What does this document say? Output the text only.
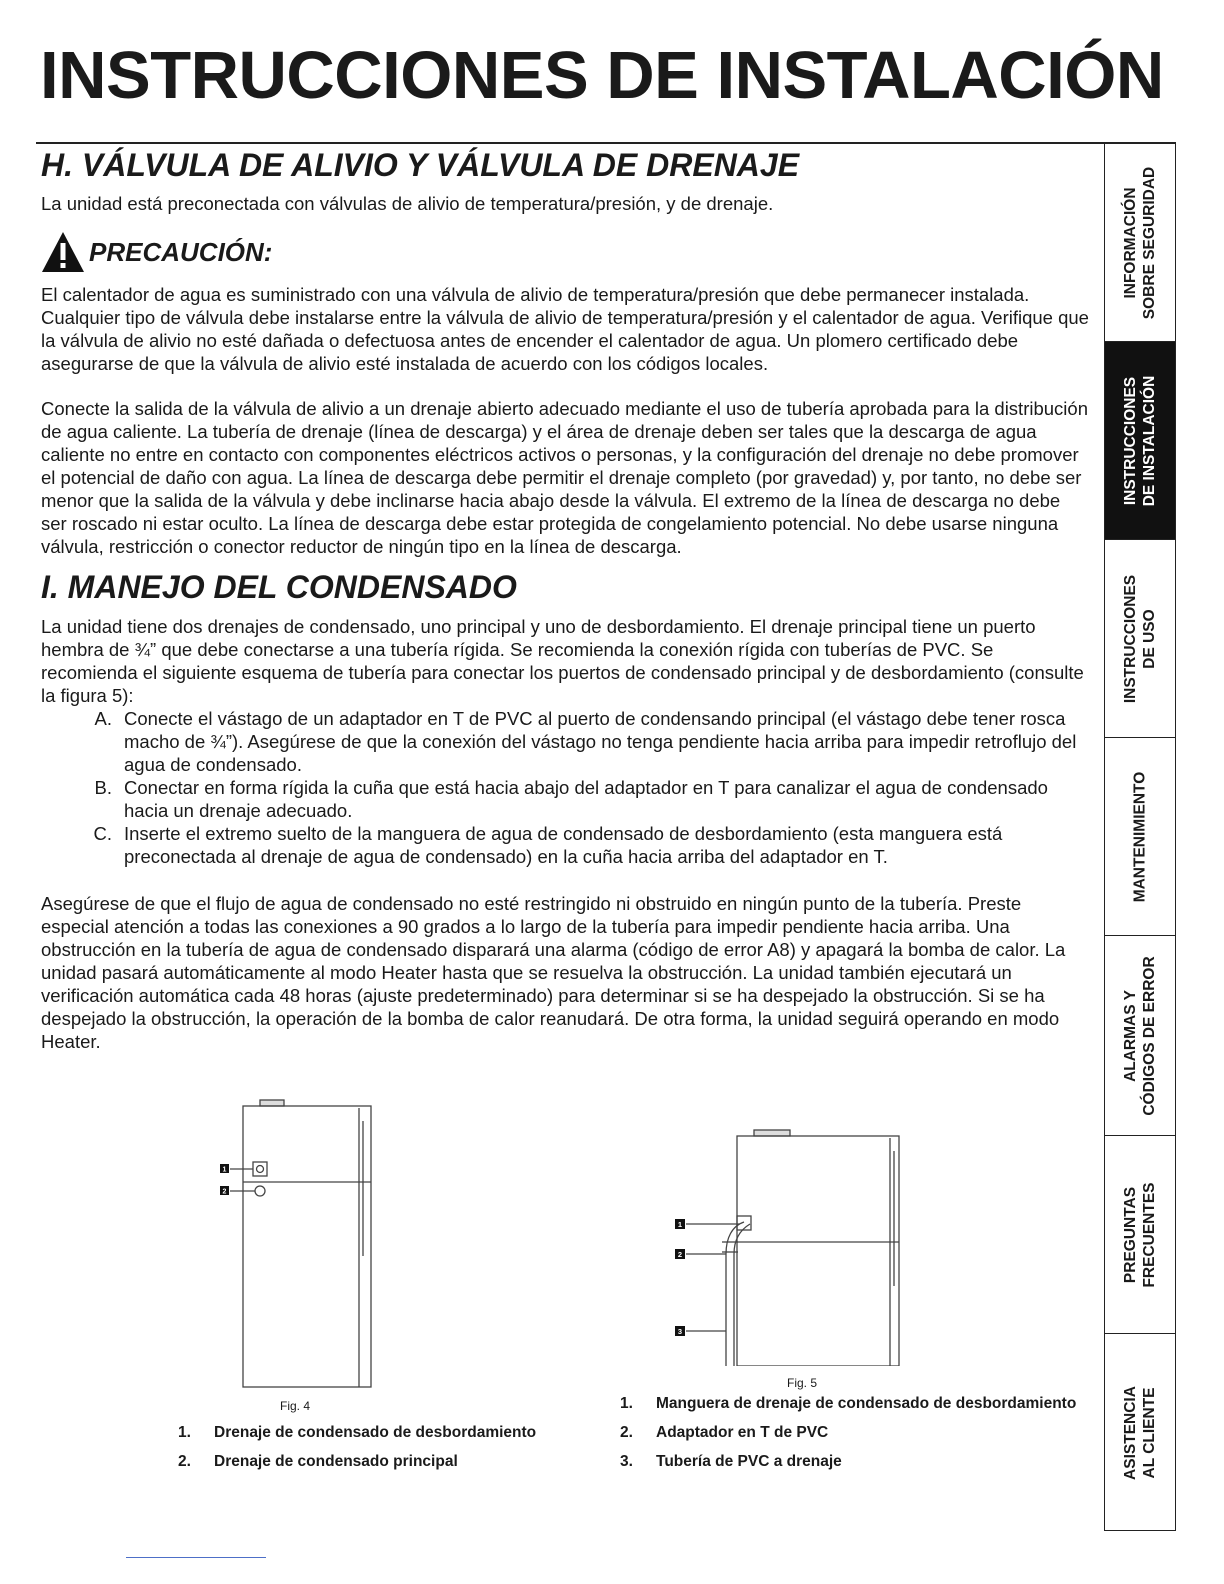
INSTRUCCIONES DE INSTALACIÓN
H. VÁLVULA DE ALIVIO Y VÁLVULA DE DRENAJE

La unidad está preconectada con válvulas de alivio de temperatura/presión, y de drenaje.

PRECAUCIÓN:

El calentador de agua es suministrado con una válvula de alivio de temperatura/presión que debe permanecer instalada. Cualquier tipo de válvula debe instalarse entre la válvula de alivio de temperatura/presión y el calentador de agua. Verifique que la válvula de alivio no esté dañada o defectuosa antes de encender el calentador de agua. Un plomero certificado debe asegurarse de que la válvula de alivio esté instalada de acuerdo con los códigos locales.

Conecte la salida de la válvula de alivio a un drenaje abierto adecuado mediante el uso de tubería aprobada para la distribución de agua caliente. La tubería de drenaje (línea de descarga) y el área de drenaje deben ser tales que la descarga de agua caliente no entre en contacto con componentes eléctricos activos o personas, y la configuración del drenaje no debe promover el potencial de daño con agua. La línea de descarga debe permitir el drenaje completo (por gravedad) y, por tanto, no debe ser menor que la salida de la válvula y debe inclinarse hacia abajo desde la válvula. El extremo de la línea de descarga no debe ser roscado ni estar oculto. La línea de descarga debe estar protegida de congelamiento potencial. No debe usarse ninguna válvula, restricción o conector reductor de ningún tipo en la línea de descarga.

I. MANEJO DEL CONDENSADO

La unidad tiene dos drenajes de condensado, uno principal y uno de desbordamiento. El drenaje principal tiene un puerto hembra de ¾” que debe conectarse a una tubería rígida. Se recomienda la conexión rígida con tuberías de PVC. Se recomienda el siguiente esquema de tubería para conectar los puertos de condensado principal y de desbordamiento (consulte la figura 5):

A. Conecte el vástago de un adaptador en T de PVC al puerto de condensando principal (el vástago debe tener rosca macho de ¾”). Asegúrese de que la conexión del vástago no tenga pendiente hacia arriba para impedir retroflujo del agua de condensado.
B. Conectar en forma rígida la cuña que está hacia abajo del adaptador en T para canalizar el agua de condensado hacia un drenaje adecuado.
C. Inserte el extremo suelto de la manguera de agua de condensado de desbordamiento (esta manguera está preconectada al drenaje de agua de condensado) en la cuña hacia arriba del adaptador en T.

Asegúrese de que el flujo de agua de condensado no esté restringido ni obstruido en ningún punto de la tubería. Preste especial atención a todas las conexiones a 90 grados a lo largo de la tubería para impedir pendiente hacia arriba. Una obstrucción en la tubería de agua de condensado disparará una alarma (código de error A8) y apagará la bomba de calor. La unidad pasará automáticamente al modo Heater hasta que se resuelva la obstrucción. La unidad también ejecutará un verificación automática cada 48 horas (ajuste predeterminado) para determinar si se ha despejado la obstrucción. Si se ha despejado la obstrucción, la operación de la bomba de calor reanudará. De otra forma, la unidad seguirá operando en modo Heater.

1
2
Fig. 4
1.	Drenaje de condensado de desbordamiento
2.	Drenaje de condensado principal
1
2
3
Fig. 5
1.	Manguera de drenaje de condensado de desbordamiento
2.	Adaptador en T de PVC
3.	Tubería de PVC a drenaje
INFORMACIÓN SOBRE SEGURIDAD
INSTRUCCIONES DE INSTALACIÓN
INSTRUCCIONES DE USO
MANTENIMIENTO
ALARMAS Y CÓDIGOS DE ERROR
PREGUNTAS FRECUENTES
ASISTENCIA AL CLIENTE
